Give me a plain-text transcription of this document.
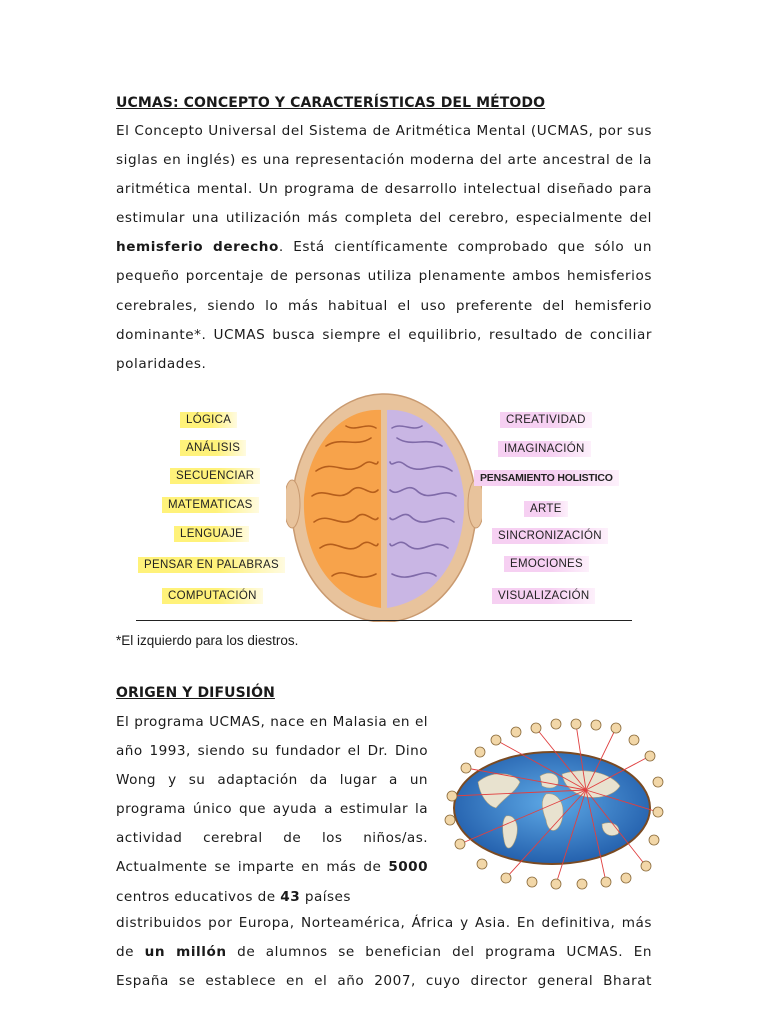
UCMAS: CONCEPTO Y CARACTERÍSTICAS DEL MÉTODO

El Concepto Universal del Sistema de Aritmética Mental (UCMAS, por sus siglas en inglés) es una representación moderna del arte ancestral de la aritmética mental. Un programa de desarrollo intelectual diseñado para estimular una utilización más completa del cerebro, especialmente del hemisferio derecho. Está científicamente comprobado que sólo un pequeño porcentaje de personas utiliza plenamente ambos hemisferios cerebrales, siendo lo más habitual el uso preferente del hemisferio dominante*. UCMAS busca siempre el equilibrio, resultado de conciliar polaridades.

LÓGICA
ANÁLISIS
SECUENCIAR
MATEMATICAS
LENGUAJE
PENSAR EN PALABRAS
COMPUTACIÓN
CREATIVIDAD
IMAGINACIÓN
PENSAMIENTO HOLISTICO
ARTE
SINCRONIZACIÓN
EMOCIONES
VISUALIZACIÓN

*El izquierdo para los diestros.

ORIGEN Y DIFUSIÓN

El programa UCMAS, nace en Malasia en el año 1993, siendo su fundador el Dr. Dino Wong y su adaptación da lugar a un programa único que ayuda a estimular la actividad cerebral de los niños/as. Actualmente se imparte en más de 5000 centros educativos de 43 países

distribuidos por Europa, Norteamérica, África y Asia. En definitiva, más de un millón de alumnos se benefician del programa UCMAS. En España se establece en el año 2007, cuyo director general Bharat
